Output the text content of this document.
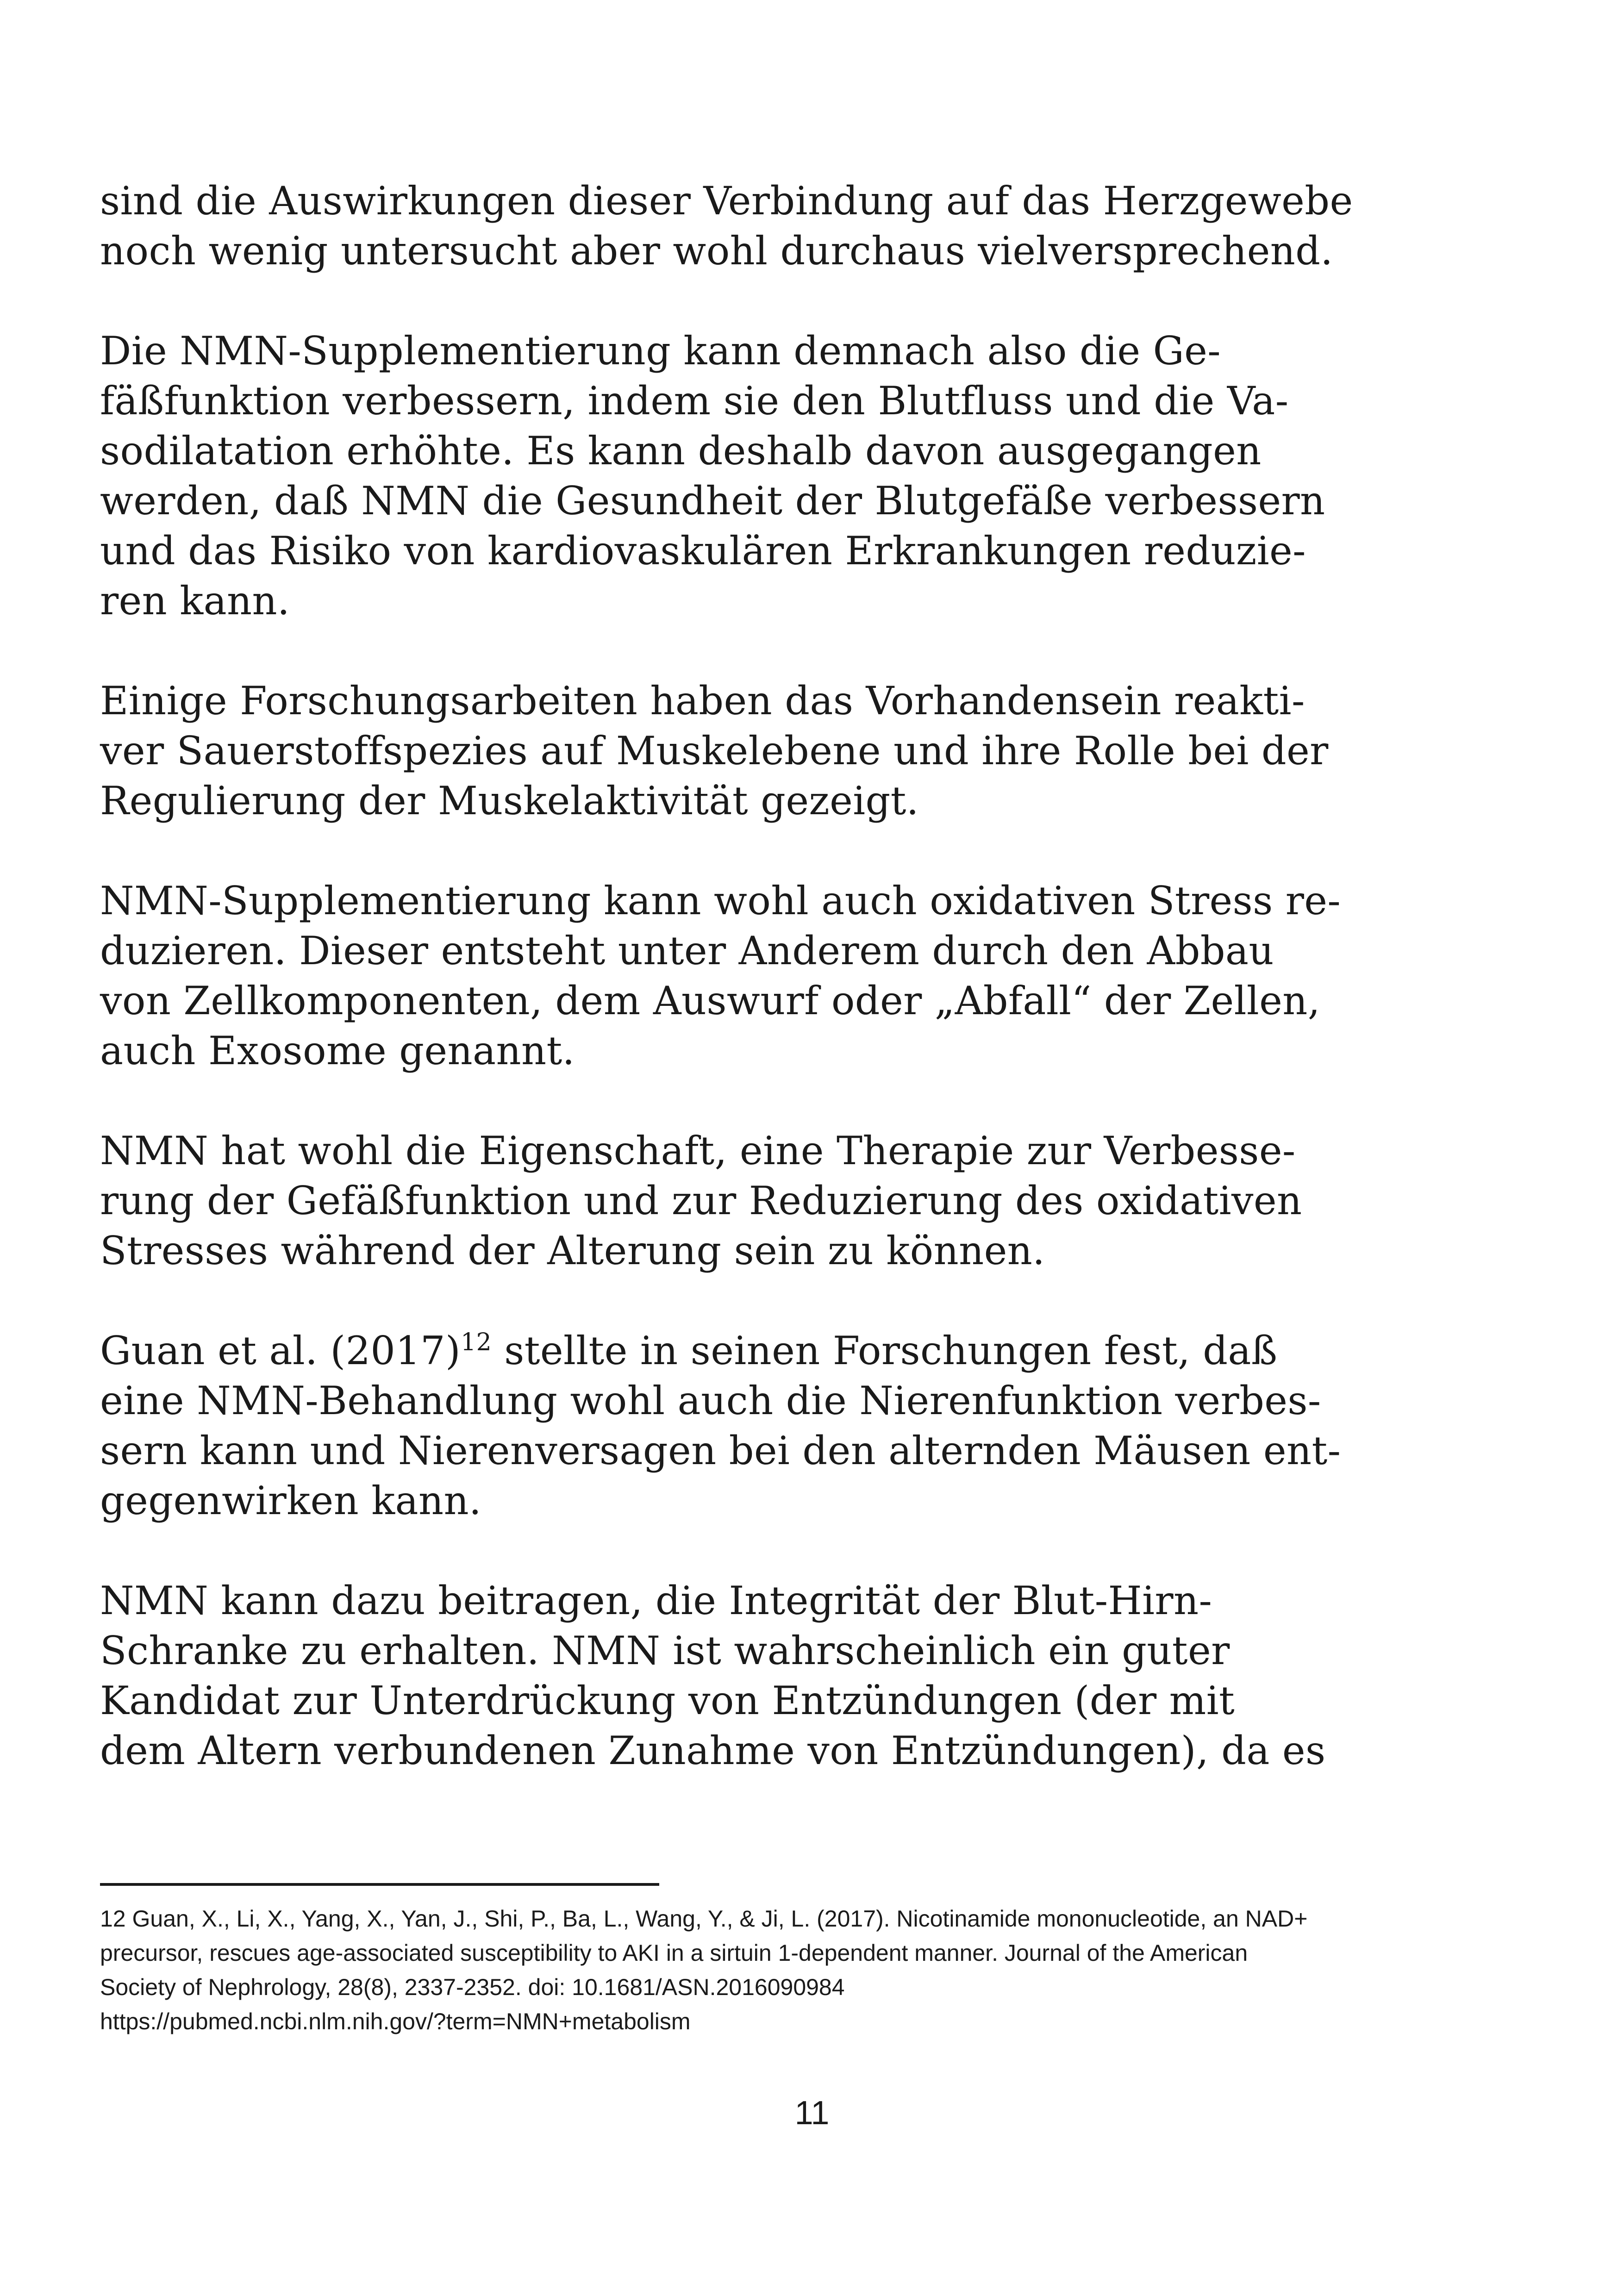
sind die Auswirkungen dieser Verbindung auf das Herzgewebe
noch wenig untersucht aber wohl durchaus vielversprechend.

Die NMN-Supplementierung kann demnach also die Ge-
fäßfunktion verbessern, indem sie den Blutfluss und die Va-
sodilatation erhöhte. Es kann deshalb davon ausgegangen
werden, daß NMN die Gesundheit der Blutgefäße verbessern
und das Risiko von kardiovaskulären Erkrankungen reduzie-
ren kann.

Einige Forschungsarbeiten haben das Vorhandensein reakti-
ver Sauerstoffspezies auf Muskelebene und ihre Rolle bei der
Regulierung der Muskelaktivität gezeigt.

NMN-Supplementierung kann wohl auch oxidativen Stress re-
duzieren. Dieser entsteht unter Anderem durch den Abbau
von Zellkomponenten, dem Auswurf oder „Abfall“ der Zellen,
auch Exosome genannt.

NMN hat wohl die Eigenschaft, eine Therapie zur Verbesse-
rung der Gefäßfunktion und zur Reduzierung des oxidativen
Stresses während der Alterung sein zu können.

Guan et al. (2017)$^{12}$ stellte in seinen Forschungen fest, daß
eine NMN-Behandlung wohl auch die Nierenfunktion verbes-
sern kann und Nierenversagen bei den alternden Mäusen ent-
gegenwirken kann.

NMN kann dazu beitragen, die Integrität der Blut-Hirn-
Schranke zu erhalten. NMN ist wahrscheinlich ein guter
Kandidat zur Unterdrückung von Entzündungen (der mit
dem Altern verbundenen Zunahme von Entzündungen), da es

12 Guan, X., Li, X., Yang, X., Yan, J., Shi, P., Ba, L., Wang, Y., & Ji, L. (2017). Nicotinamide mononucleotide, an NAD+
precursor, rescues age-associated susceptibility to AKI in a sirtuin 1-dependent manner. Journal of the American
Society of Nephrology, 28(8), 2337-2352. doi: 10.1681/ASN.2016090984
https://pubmed.ncbi.nlm.nih.gov/?term=NMN+metabolism
11
